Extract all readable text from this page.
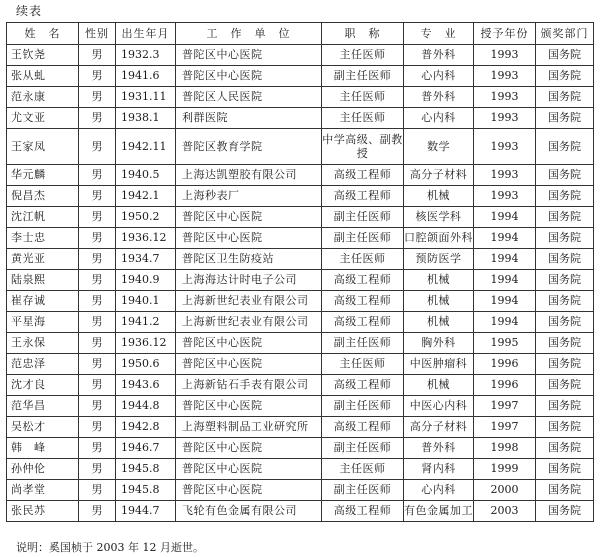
续表
姓　名	性别	出生年月	工　作　单　位	职　称	专　业	授予年份	颁奖部门
王钦尧	男	1932.3	普陀区中心医院	主任医师	普外科	1993	国务院
张从虬	男	1941.6	普陀区中心医院	副主任医师	心内科	1993	国务院
范永康	男	1931.11	普陀区人民医院	主任医师	普外科	1993	国务院
尤文亚	男	1938.1	利群医院	主任医师	心内科	1993	国务院
王家凤	男	1942.11	普陀区教育学院	中学高级、副教授	数学	1993	国务院
华元麟	男	1940.5	上海达凯塑胶有限公司	高级工程师	高分子材料	1993	国务院
倪昌杰	男	1942.1	上海秒表厂	高级工程师	机械	1993	国务院
沈江帆	男	1950.2	普陀区中心医院	副主任医师	核医学科	1994	国务院
李士忠	男	1936.12	普陀区中心医院	副主任医师	口腔颌面外科	1994	国务院
黄光亚	男	1934.7	普陀区卫生防疫站	主任医师	预防医学	1994	国务院
陆泉熙	男	1940.9	上海海达计时电子公司	高级工程师	机械	1994	国务院
崔存诚	男	1940.1	上海新世纪表业有限公司	高级工程师	机械	1994	国务院
平星海	男	1941.2	上海新世纪表业有限公司	高级工程师	机械	1994	国务院
王永保	男	1936.12	普陀区中心医院	副主任医师	胸外科	1995	国务院
范忠泽	男	1950.6	普陀区中心医院	主任医师	中医肿瘤科	1996	国务院
沈才良	男	1943.6	上海新钻石手表有限公司	高级工程师	机械	1996	国务院
范华昌	男	1944.8	普陀区中心医院	副主任医师	中医心内科	1997	国务院
吴松才	男	1942.8	上海塑料制品工业研究所	高级工程师	高分子材料	1997	国务院
韩　峰	男	1946.7	普陀区中心医院	副主任医师	普外科	1998	国务院
孙仲伦	男	1945.8	普陀区中心医院	主任医师	肾内科	1999	国务院
尚孝堂	男	1945.8	普陀区中心医院	副主任医师	心内科	2000	国务院
张民苏	男	1944.7	飞轮有色金属有限公司	高级工程师	有色金属加工	2003	国务院
说明：奚国桢于 2003 年 12 月逝世。
